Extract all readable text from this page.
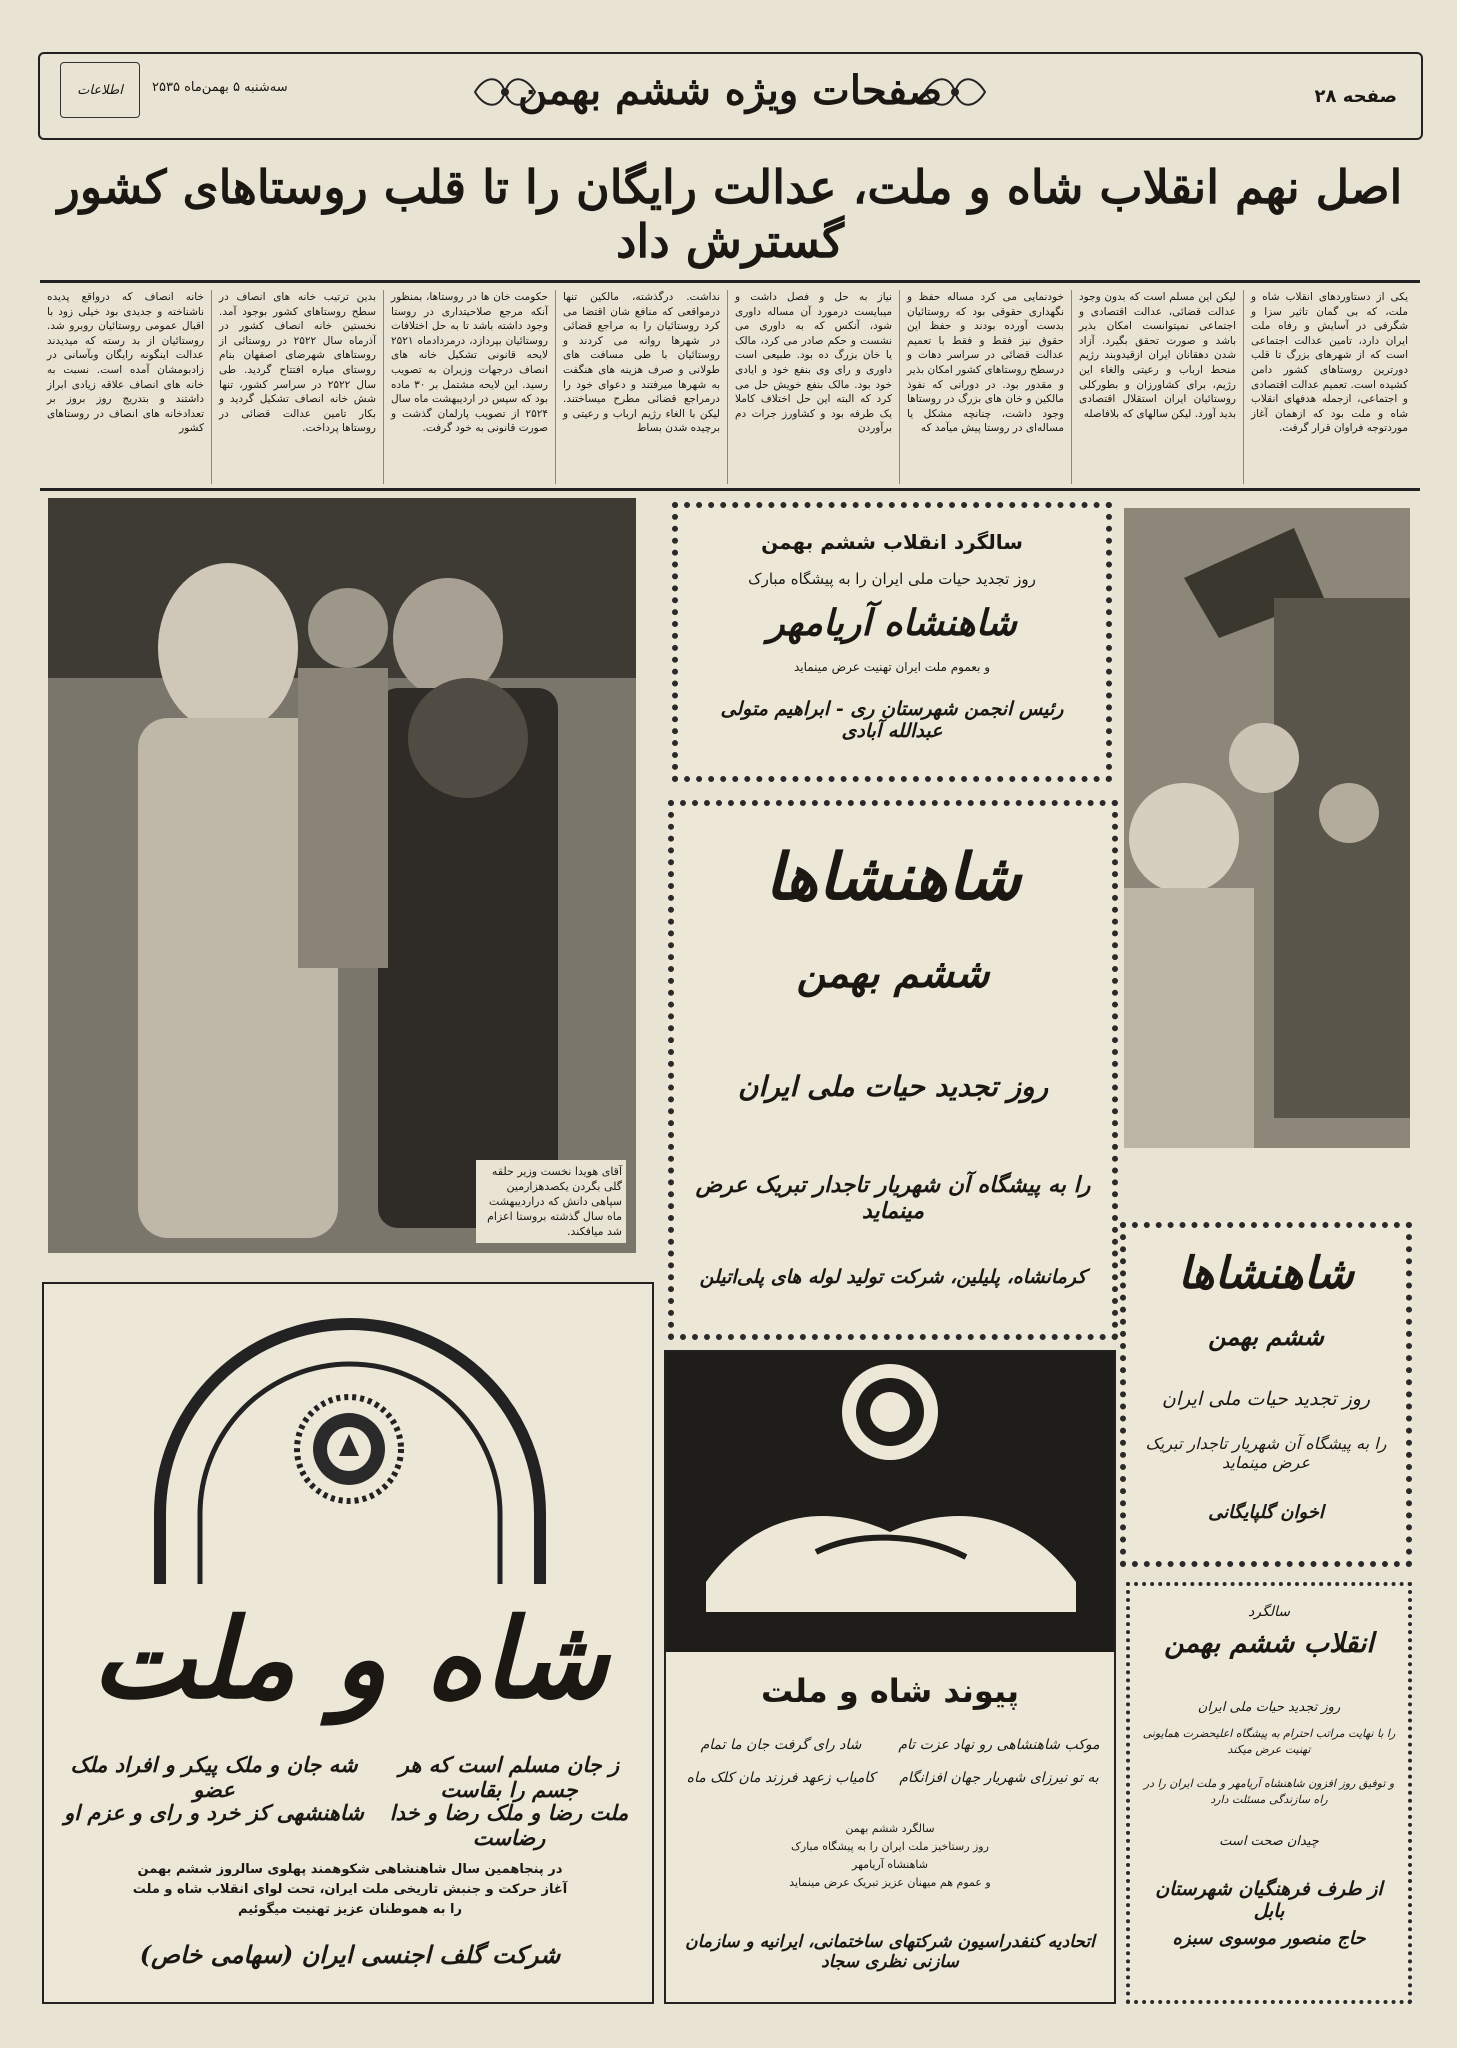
اطلاعات	سه‌شنبه ۵ بهمن‌ماه ۲۵۳۵	صفحات ویژه ششم بهمن	صفحه ۲۸
اصل نهم انقلاب شاه و ملت، عدالت رایگان را تا قلب روستاهای کشور گسترش داد
یکی از دستاوردهای انقلاب شاه و ملت، که بی گمان تاثیر سزا و شگرفی در آسایش و رفاه ملت ایران دارد، تامین عدالت اجتماعی است که از شهرهای بزرگ تا قلب دورترین روستاهای کشور دامن کشیده است. تعمیم عدالت اقتصادی و اجتماعی، ازجمله هدفهای انقلاب شاه و ملت بود که ازهمان آغاز موردتوجه فراوان قرار گرفت.
لیکن این مسلم است که بدون وجود عدالت قضائی، عدالت اقتصادی و اجتماعی نمیتوانست امکان بذیر باشد و صورت تحقق بگیرد. آزاد شدن دهقانان ایران ازقیدوبند رژیم منحط ارباب و رعیتی والغاء این رژیم، برای کشاورزان و بطورکلی روستائیان ایران استقلال اقتصادی بدید آورد. لیکن سالهای که بلافاصله
خودنمایی می کرد مساله حفظ و نگهداری حقوقی بود که روستائیان بدست آورده بودند و حفظ این حقوق نیز فقط و فقط با تعمیم عدالت قضائی در سراسر دهات و درسطح روستاهای کشور امکان بذیر و مقدور بود. در دورانی که نفوذ مالکین و خان های بزرگ در روستاها وجود داشت، چنانچه مشکل یا مساله‌ای در روستا پیش میآمد که
نیاز به حل و فصل داشت و میبایست درمورد آن مساله داوری شود، آنکس که به داوری می نشست و حکم صادر می کرد، مالک یا خان بزرگ ده بود. طبیعی است داوری و رای وی بنفع خود و ایادی خود بود. مالک بنفع خویش حل می کرد که البته این حل اختلاف کاملا یک طرفه بود و کشاورز جرات دم برآوردن
نداشت. درگذشته، مالکین تنها درمواقعی که منافع شان اقتضا می کرد روستائیان را به مراجع قضائی در شهرها روانه می کردند و روستائیان با طی مسافت های طولانی و صرف هزینه های هنگفت به شهرها میرفتند و دعوای خود را درمراجع قضائی مطرح میساختند. لیکن با الغاء رژیم ارباب و رعیتی و برچیده شدن بساط
حکومت خان ها در روستاها، بمنظور آنکه مرجع صلاحیتداری در روستا وجود داشته باشد تا به حل اختلافات روستائیان بپردازد، درمردادماه ۲۵۲۱ لایحه قانونی تشکیل خانه های انصاف درجهات وزیران به تصویب رسید. این لایحه مشتمل بر ۳۰ ماده بود که سپس در اردیبهشت ماه سال ۲۵۲۴ از تصویب پارلمان گذشت و صورت قانونی به خود گرفت.
بدین ترتیب خانه های انصاف در سطح روستاهای کشور بوجود آمد. نخستین خانه انصاف کشور در آذرماه سال ۲۵۲۲ در روستائی از روستاهای شهرضای اصفهان بنام روستای میاره افتتاح گردید. طی سال ۲۵۲۲ در سراسر کشور، تنها شش خانه انصاف تشکیل گردید و بکار تامین عدالت قضائی در روستاها پرداخت.
خانه انصاف که درواقع پدیده ناشناخته و جدیدی بود خیلی زود با اقبال عمومی روستائیان روبرو شد. روستائیان از بد رسته که میدیدند عدالت اینگونه رایگان وبآسانی در زادبومشان آمده است. نسبت به خانه های انصاف علاقه زیادی ابراز داشتند و بتدریج روز بروز بر تعدادخانه های انصاف در روستاهای کشور
آقای هویدا نخست وزیر حلقه گلی بگردن یکصدهزارمین سپاهی دانش که دراردیبهشت ماه سال گذشته بروستا اعزام شد میافکند.
سالگرد انقلاب ششم بهمن
روز تجدید حیات ملی ایران را به پیشگاه مبارک
شاهنشاه آریامهر
و بعموم ملت ایران تهنیت عرض مینماید
رئیس انجمن شهرستان ری - ابراهیم متولی عبدالله آبادی
شاهنشاها
ششم بهمن
روز تجدید حیات ملی ایران
را به پیشگاه آن شهریار تاجدار تبریک عرض مینماید
کرمانشاه، پلیلین، شرکت تولید لوله های پلی‌اتیلن	شاهنشاها
ششم بهمن
روز تجدید حیات ملی ایران
را به پیشگاه آن شهریار تاجدار تبریک عرض مینماید
اخوان گلپایگانی
شاه و ملت
ز جان مسلم است که هر جسم را بقاست
ملت رضا و ملک رضا و خدا رضاست
شه جان و ملک پیکر و افراد ملک عضو
شاهنشهی کز خرد و رای و عزم او
در پنجاهمین سال شاهنشاهی شکوهمند پهلوی سالروز ششم بهمن
آغاز حرکت و جنبش تاریخی ملت ایران، تحت لوای انقلاب شاه و ملت
را به هموطنان عزیز تهنیت میگوئیم
شرکت گلف اجنسی ایران (سهامی خاص)
پیوند شاه و ملت
شاد رای گرفت جان ما تمام	موکب شاهنشاهی رو نهاد عزت تام
کامیاب زعهد فرزند مان کلک ماه	به تو نیرزای شهریار جهان افزانگام
سالگرد ششم بهمن
روز رستاخیز ملت ایران را به پیشگاه مبارک
شاهنشاه آریامهر
و عموم هم میهنان عزیز تبریک عرض مینماید
اتحادیه کنفدراسیون شرکتهای ساختمانی، ایرانیه و سازمان سازنی نظری سجاد
سالگرد
انقلاب ششم بهمن
روز تجدید حیات ملی ایران
را با نهایت مراتب احترام به پیشگاه اعلیحضرت همایونی تهنیت عرض میکند
و توفیق روز افزون شاهنشاه آریامهر و ملت ایران را در راه سازندگی مسئلت دارد
چیدان صحت است
از طرف فرهنگیان شهرستان بابل
حاج منصور موسوی سبزه
